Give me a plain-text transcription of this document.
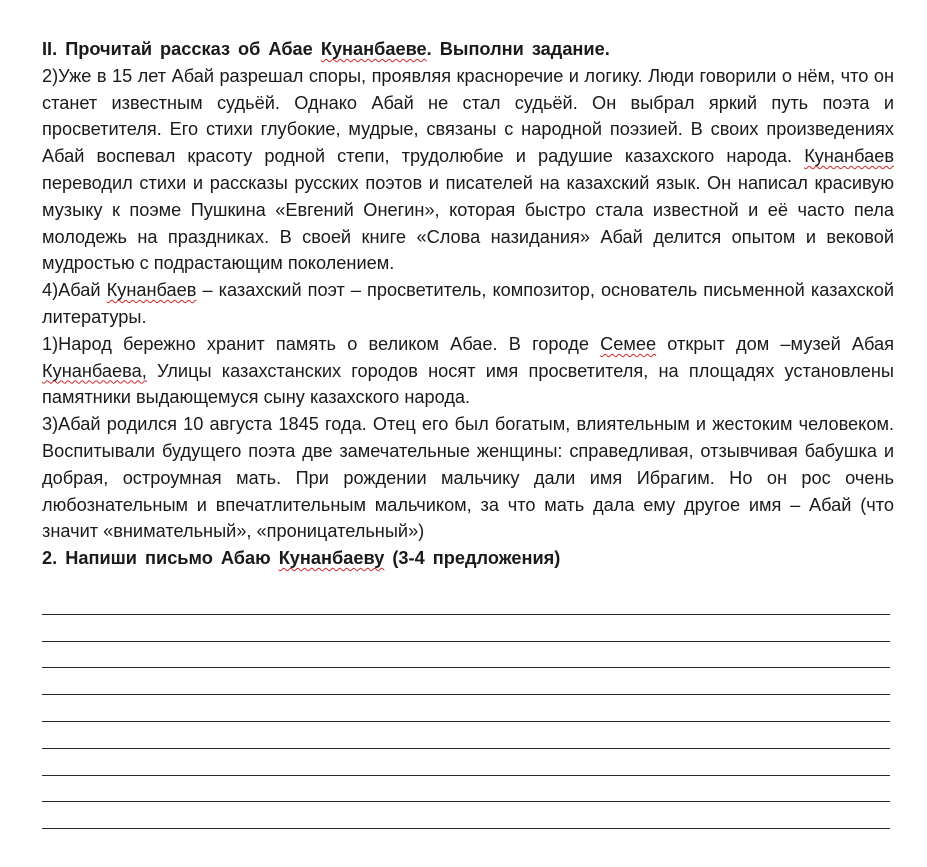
II. Прочитай рассказ об Абае Кунанбаеве. Выполни задание.

2)Уже в 15 лет Абай разрешал споры, проявляя красноречие и логику. Люди говорили о нём, что он станет известным судьёй. Однако Абай не стал судьёй. Он выбрал яркий путь поэта и просветителя. Его стихи глубокие, мудрые, связаны с народной поэзией. В своих произведениях Абай воспевал красоту родной степи, трудолюбие и радушие казахского народа. Кунанбаев переводил стихи и рассказы русских поэтов и писателей на казахский язык. Он написал красивую музыку к поэме Пушкина «Евгений Онегин», которая быстро стала известной и её часто пела молодежь на праздниках. В своей книге «Слова назидания» Абай делится опытом и вековой мудростью с подрастающим поколением.

4)Абай Кунанбаев – казахский поэт – просветитель, композитор, основатель письменной казахской литературы.

1)Народ бережно хранит память о великом Абае. В городе Семее открыт дом –музей Абая Кунанбаева, Улицы казахстанских городов носят имя просветителя, на площадях установлены памятники выдающемуся сыну казахского народа.

3)Абай родился 10 августа 1845 года. Отец его был богатым, влиятельным и жестоким человеком. Воспитывали будущего поэта две замечательные женщины: справедливая, отзывчивая бабушка и добрая, остроумная мать. При рождении мальчику дали имя Ибрагим. Но он рос очень любознательным и впечатлительным мальчиком, за что мать дала ему другое имя – Абай (что значит «внимательный», «проницательный»)

2. Напиши письмо Абаю Кунанбаеву (3-4 предложения)
